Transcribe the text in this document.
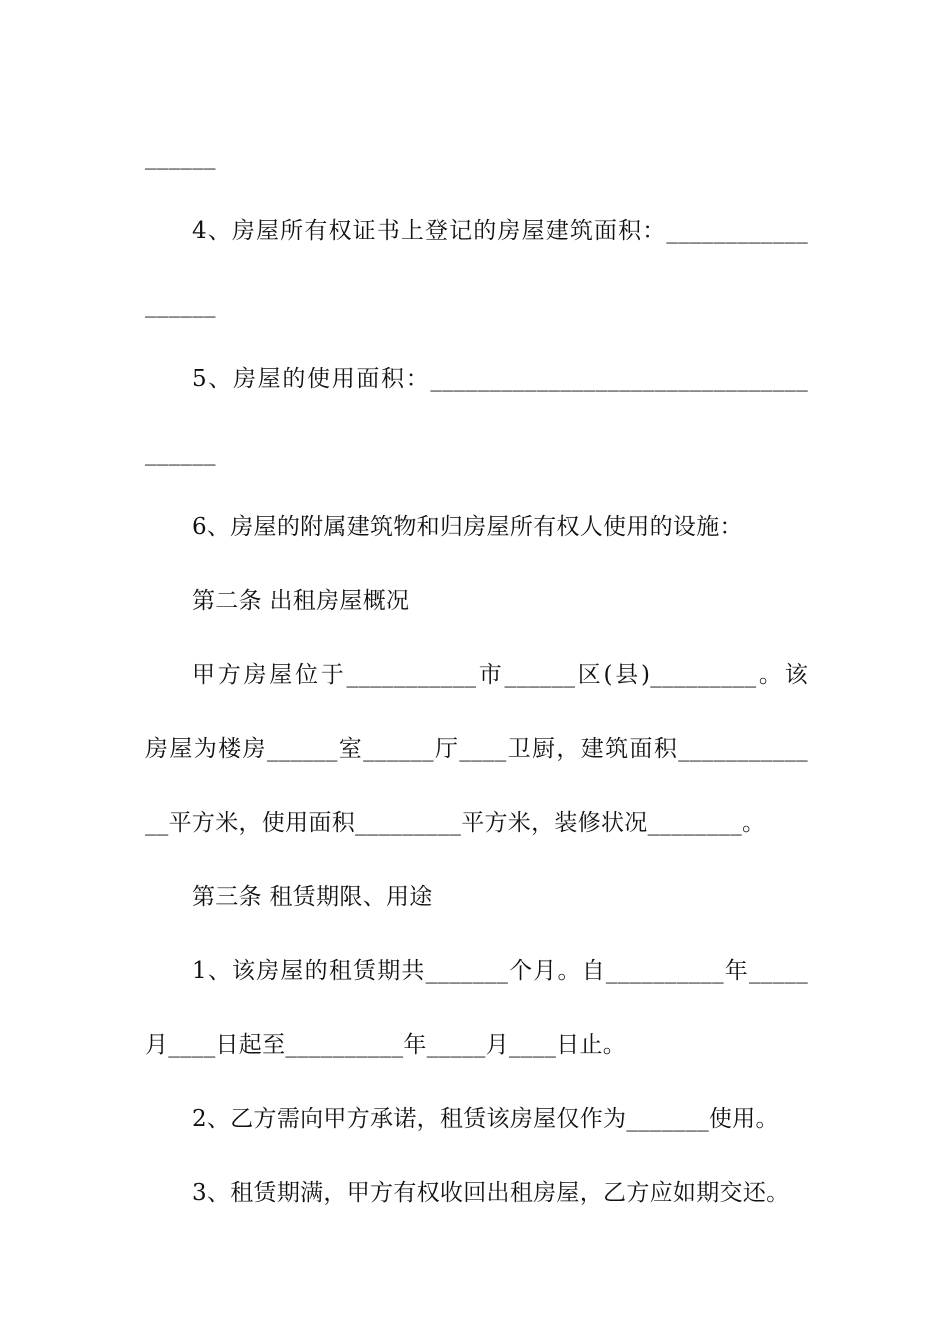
______
4、房屋所有权证书上登记的房屋建筑面积：____________
______
5、房屋的使用面积：________________________________
______
6、房屋的附属建筑物和归房屋所有权人使用的设施：
第二条 出租房屋概况
甲方房屋位于___________市______区(县)_________。该
房屋为楼房______室______厅____卫厨，建筑面积___________
__平方米，使用面积_________平方米，装修状况________。
第三条 租赁期限、用途
1、该房屋的租赁期共_______个月。自__________年_____
月____日起至__________年_____月____日止。
2、乙方需向甲方承诺，租赁该房屋仅作为_______使用。
3、租赁期满，甲方有权收回出租房屋，乙方应如期交还。
